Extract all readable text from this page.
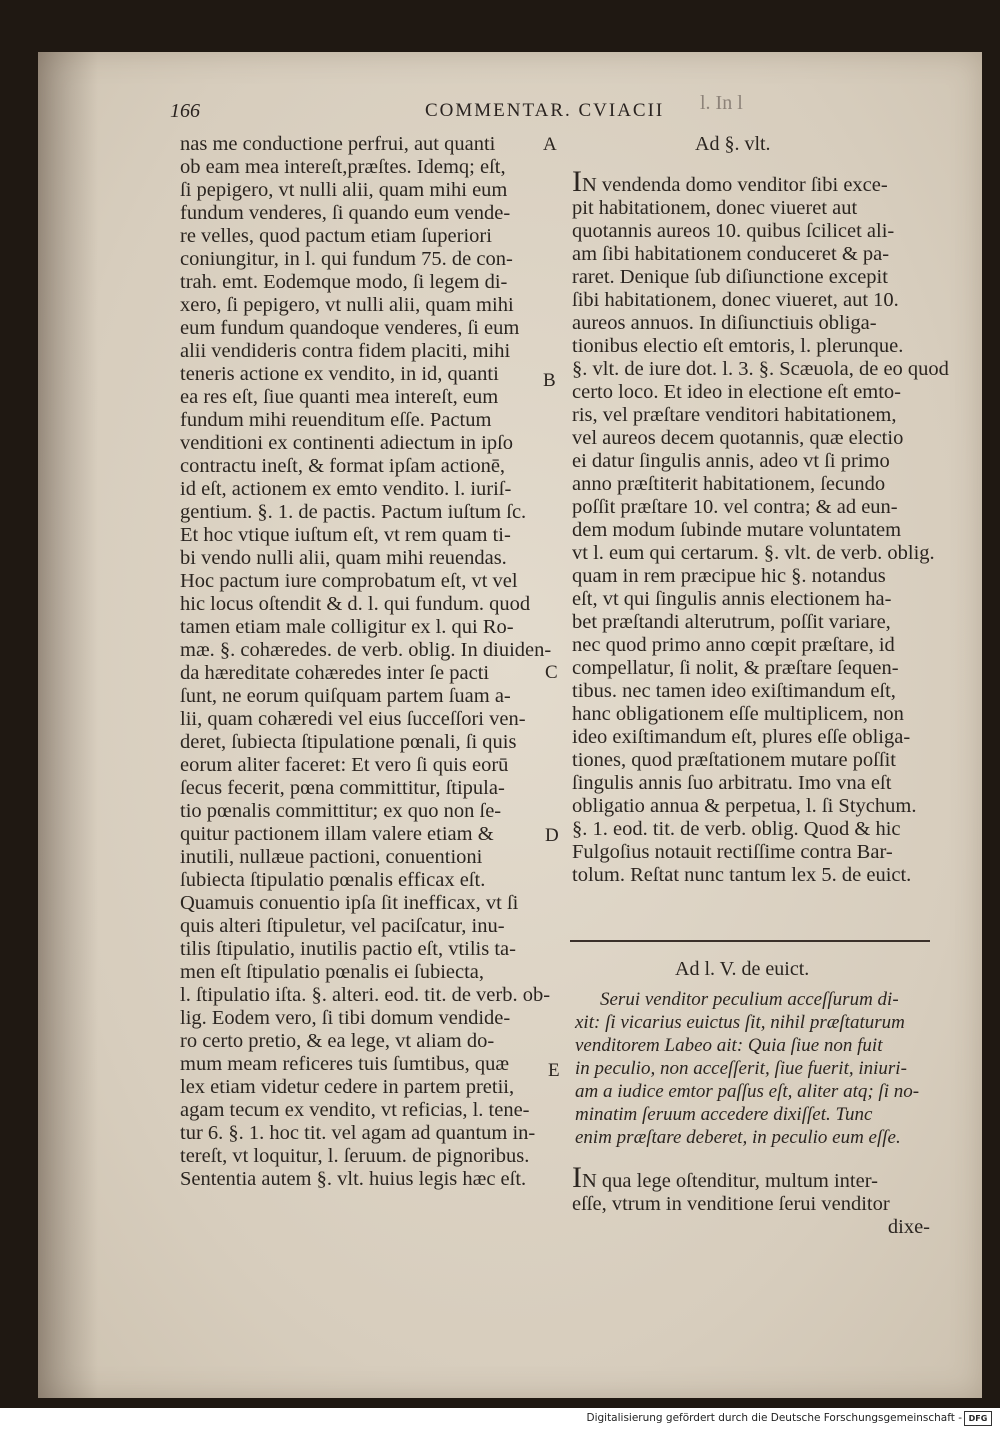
166	COMMENTAR. CVIACII l. In l
nas me conductione perfrui, aut quanti
ob eam mea intereſt,præſtes. Idemq; eſt,
ſi pepigero, vt nulli alii, quam mihi eum
fundum venderes, ſi quando eum vende-
re velles, quod pactum etiam ſuperiori
coniungitur, in l. qui fundum 75. de con-
trah. emt. Eodemque modo, ſi legem di-
xero, ſi pepigero, vt nulli alii, quam mihi
eum fundum quandoque venderes, ſi eum
alii vendideris contra fidem placiti, mihi
teneris actione ex vendito, in id, quanti
ea res eſt, ſiue quanti mea intereſt, eum
fundum mihi reuenditum eſſe. Pactum
venditioni ex continenti adiectum in ipſo
contractu ineſt, & format ipſam actionē,
id eſt, actionem ex emto vendito. l. iuriſ-
gentium. §. 1. de pactis. Pactum iuſtum ſc.
Et hoc vtique iuſtum eſt, vt rem quam ti-
bi vendo nulli alii, quam mihi reuendas.
Hoc pactum iure comprobatum eſt, vt vel
hic locus oſtendit & d. l. qui fundum. quod
tamen etiam male colligitur ex l. qui Ro-
mæ. §. cohæredes. de verb. oblig. In diuiden-
da hæreditate cohæredes inter ſe pacti
ſunt, ne eorum quiſquam partem ſuam a-
lii, quam cohæredi vel eius ſucceſſori ven-
deret, ſubiecta ſtipulatione pœnali, ſi quis
eorum aliter faceret: Et vero ſi quis eorū
ſecus fecerit, pœna committitur, ſtipula-
tio pœnalis committitur; ex quo non ſe-
quitur pactionem illam valere etiam &
inutili, nullæue pactioni, conuentioni
ſubiecta ſtipulatio pœnalis efficax eſt.
Quamuis conuentio ipſa ſit inefficax, vt ſi
quis alteri ſtipuletur, vel paciſcatur, inu-
tilis ſtipulatio, inutilis pactio eſt, vtilis ta-
men eſt ſtipulatio pœnalis ei ſubiecta,
l. ſtipulatio iſta. §. alteri. eod. tit. de verb. ob-
lig. Eodem vero, ſi tibi domum vendide-
ro certo pretio, & ea lege, vt aliam do-
mum meam reficeres tuis ſumtibus, quæ
lex etiam videtur cedere in partem pretii,
agam tecum ex vendito, vt reficias, l. tene-
tur 6. §. 1. hoc tit. vel agam ad quantum in-
tereſt, vt loquitur, l. ſeruum. de pignoribus.
Sententia autem §. vlt. huius legis hæc eſt.
A
B
C
D
E
Ad §. vlt.
IN vendenda domo venditor ſibi exce-
pit habitationem, donec viueret aut
quotannis aureos 10. quibus ſcilicet ali-
am ſibi habitationem conduceret & pa-
raret. Denique ſub diſiunctione excepit
ſibi habitationem, donec viueret, aut 10.
aureos annuos. In diſiunctiuis obliga-
tionibus electio eſt emtoris, l. plerunque.
§. vlt. de iure dot. l. 3. §. Scæuola, de eo quod
certo loco. Et ideo in electione eſt emto-
ris, vel præſtare venditori habitationem,
vel aureos decem quotannis, quæ electio
ei datur ſingulis annis, adeo vt ſi primo
anno præſtiterit habitationem, ſecundo
poſſit præſtare 10. vel contra; & ad eun-
dem modum ſubinde mutare voluntatem
vt l. eum qui certarum. §. vlt. de verb. oblig.
quam in rem præcipue hic §. notandus
eſt, vt qui ſingulis annis electionem ha-
bet præſtandi alterutrum, poſſit variare,
nec quod primo anno cœpit præſtare, id
compellatur, ſi nolit, & præſtare ſequen-
tibus. nec tamen ideo exiſtimandum eſt,
hanc obligationem eſſe multiplicem, non
ideo exiſtimandum eſt, plures eſſe obliga-
tiones, quod præſtationem mutare poſſit
ſingulis annis ſuo arbitratu. Imo vna eſt
obligatio annua & perpetua, l. ſi Stychum.
§. 1. eod. tit. de verb. oblig. Quod & hic
Fulgoſius notauit rectiſſime contra Bar-
tolum. Reſtat nunc tantum lex 5. de euict.
Ad l. V. de euict.
Serui venditor peculium acceſſurum di-
xit: ſi vicarius euictus ſit, nihil præſtaturum
venditorem Labeo ait: Quia ſiue non fuit
in peculio, non acceſſerit, ſiue fuerit, iniuri-
am a iudice emtor paſſus eſt, aliter atq; ſi no-
minatim ſeruum accedere dixiſſet. Tunc
enim præſtare deberet, in peculio eum eſſe.
IN qua lege oſtenditur, multum inter-
eſſe, vtrum in venditione ſerui venditor
dixe-
Digitalisierung gefördert durch die Deutsche Forschungsgemeinschaft - DFG
